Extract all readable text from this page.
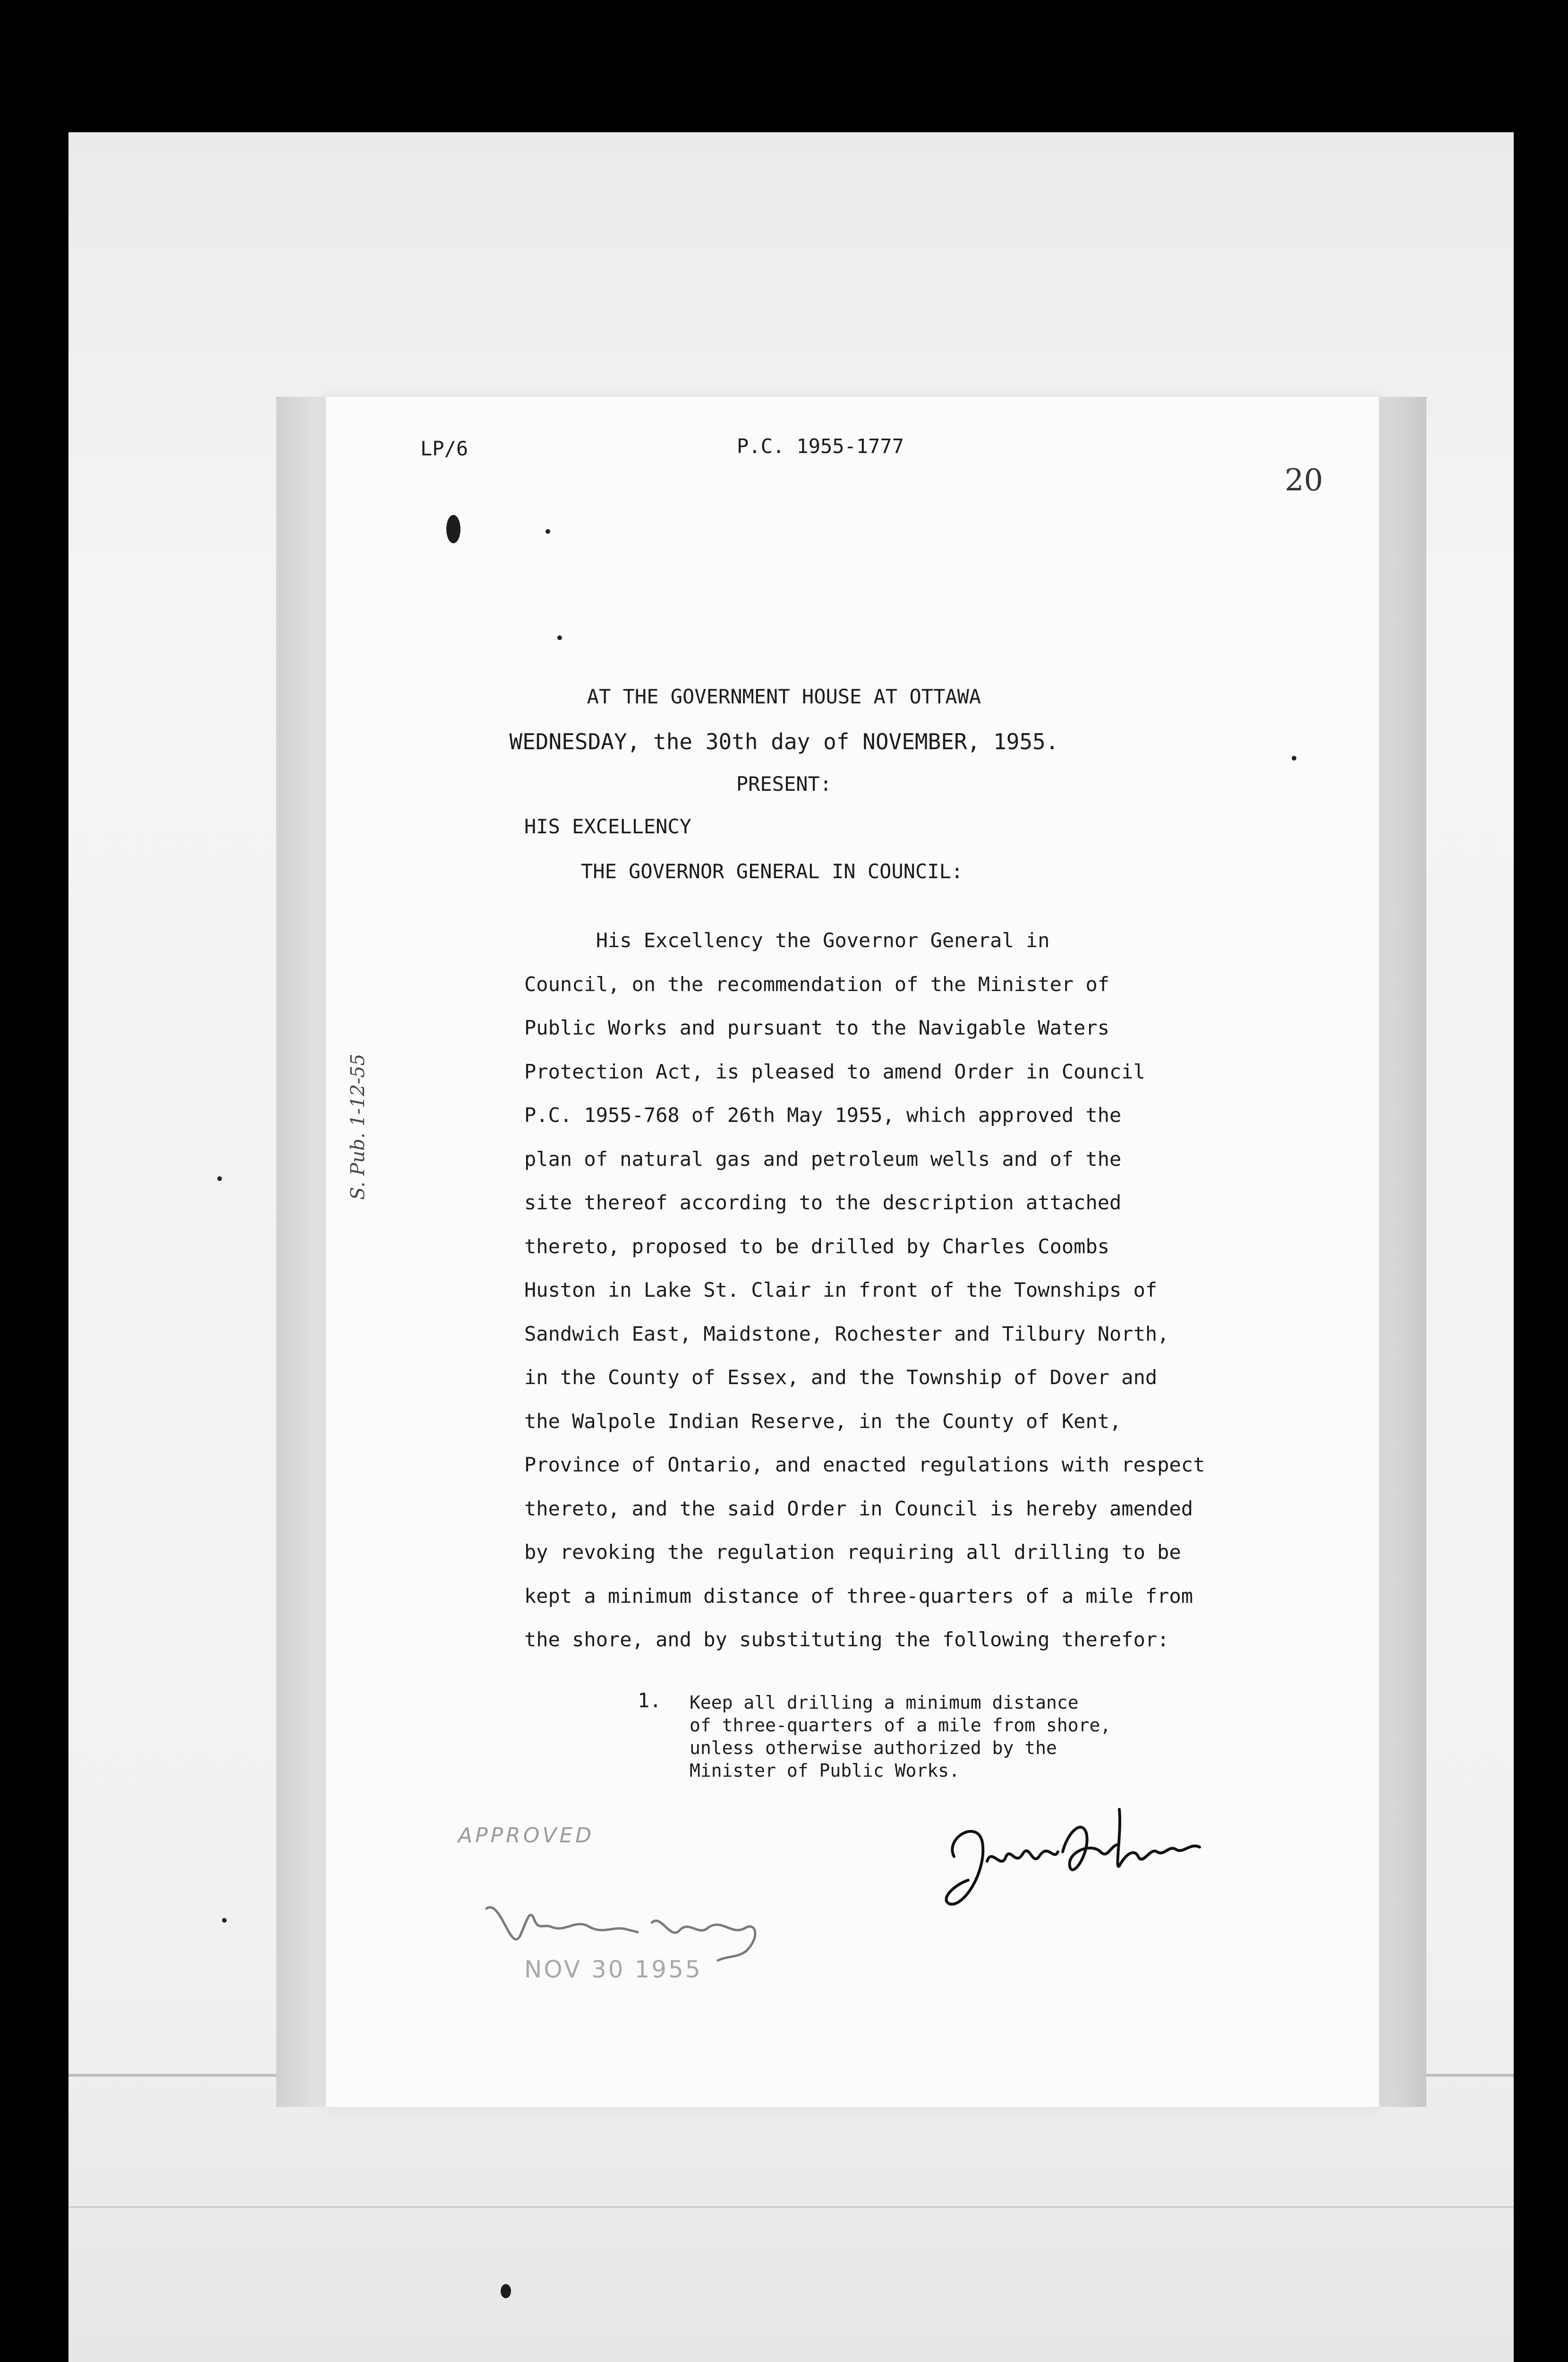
LP/6	P.C. 1955-1777
20
AT THE GOVERNMENT HOUSE AT OTTAWA
WEDNESDAY, the 30th day of NOVEMBER, 1955.
PRESENT:
HIS EXCELLENCY
THE GOVERNOR GENERAL IN COUNCIL:
His Excellency the Governor General in
Council, on the recommendation of the Minister of
Public Works and pursuant to the Navigable Waters
Protection Act, is pleased to amend Order in Council
P.C. 1955-768 of 26th May 1955, which approved the
plan of natural gas and petroleum wells and of the
site thereof according to the description attached
thereto, proposed to be drilled by Charles Coombs
Huston in Lake St. Clair in front of the Townships of
Sandwich East, Maidstone, Rochester and Tilbury North,
in the County of Essex, and the Township of Dover and
the Walpole Indian Reserve, in the County of Kent,
Province of Ontario, and enacted regulations with respect
thereto, and the said Order in Council is hereby amended
by revoking the regulation requiring all drilling to be
kept a minimum distance of three-quarters of a mile from
the shore, and by substituting the following therefor:
1. Keep all drilling a minimum distance
of three-quarters of a mile from shore,
unless otherwise authorized by the
Minister of Public Works.
S. Pub. 1-12-55
APPROVED
NOV 30 1955
